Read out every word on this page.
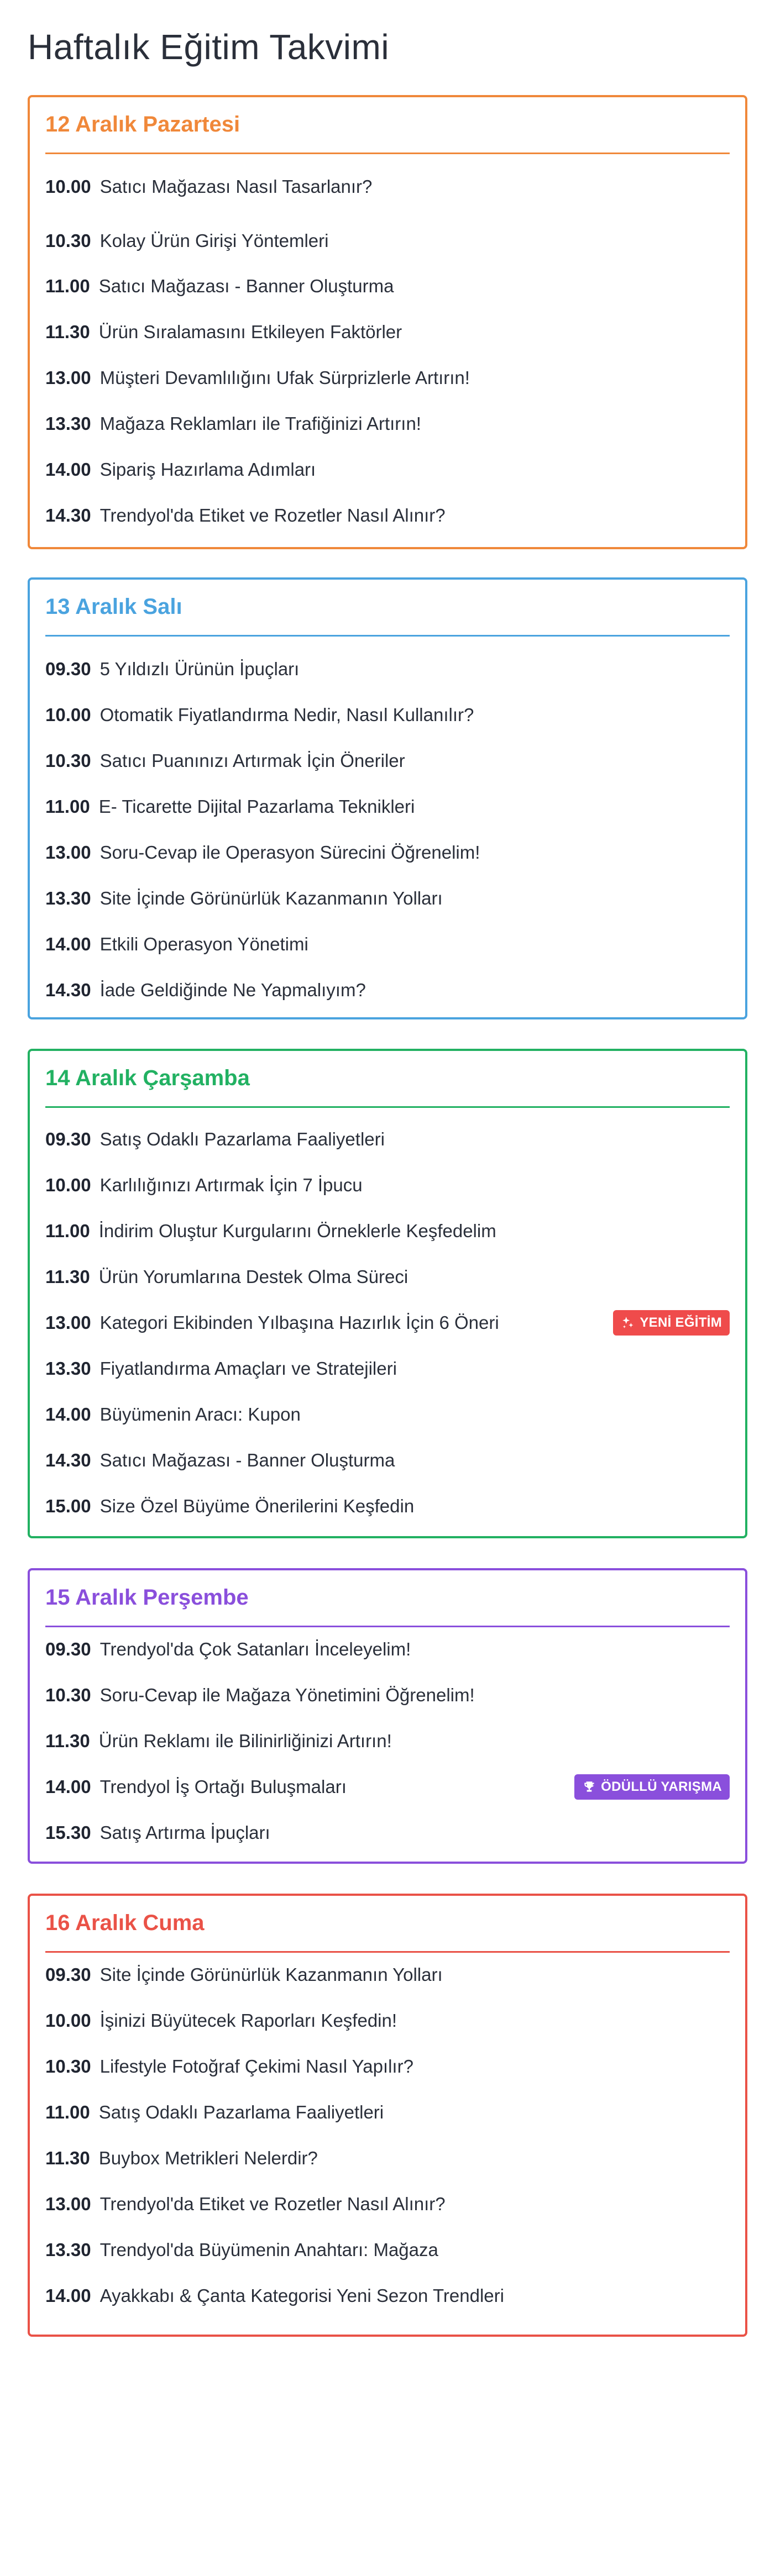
Haftalık Eğitim Takvimi
12 Aralık Pazartesi
10.00 Satıcı Mağazası Nasıl Tasarlanır?
10.30 Kolay Ürün Girişi Yöntemleri
11.00 Satıcı Mağazası - Banner Oluşturma
11.30 Ürün Sıralamasını Etkileyen Faktörler
13.00 Müşteri Devamlılığını Ufak Sürprizlerle Artırın!
13.30 Mağaza Reklamları ile Trafiğinizi Artırın!
14.00 Sipariş Hazırlama Adımları
14.30 Trendyol'da Etiket ve Rozetler Nasıl Alınır?
13 Aralık Salı
09.30 5 Yıldızlı Ürünün İpuçları
10.00 Otomatik Fiyatlandırma Nedir, Nasıl Kullanılır?
10.30 Satıcı Puanınızı Artırmak İçin Öneriler
11.00 E- Ticarette Dijital Pazarlama Teknikleri
13.00 Soru-Cevap ile Operasyon Sürecini Öğrenelim!
13.30 Site İçinde Görünürlük Kazanmanın Yolları
14.00 Etkili Operasyon Yönetimi
14.30 İade Geldiğinde Ne Yapmalıyım?
14 Aralık Çarşamba
09.30 Satış Odaklı Pazarlama Faaliyetleri
10.00 Karlılığınızı Artırmak İçin 7 İpucu
11.00 İndirim Oluştur Kurgularını Örneklerle Keşfedelim
11.30 Ürün Yorumlarına Destek Olma Süreci
13.00 Kategori Ekibinden Yılbaşına Hazırlık İçin 6 Öneri	YENİ EĞİTİM
13.30 Fiyatlandırma Amaçları ve Stratejileri
14.00 Büyümenin Aracı: Kupon
14.30 Satıcı Mağazası - Banner Oluşturma
15.00 Size Özel Büyüme Önerilerini Keşfedin
15 Aralık Perşembe
09.30 Trendyol'da Çok Satanları İnceleyelim!
10.30 Soru-Cevap ile Mağaza Yönetimini Öğrenelim!
11.30 Ürün Reklamı ile Bilinirliğinizi Artırın!
14.00 Trendyol İş Ortağı Buluşmaları	ÖDÜLLÜ YARIŞMA
15.30 Satış Artırma İpuçları
16 Aralık Cuma
09.30 Site İçinde Görünürlük Kazanmanın Yolları
10.00 İşinizi Büyütecek Raporları Keşfedin!
10.30 Lifestyle Fotoğraf Çekimi Nasıl Yapılır?
11.00 Satış Odaklı Pazarlama Faaliyetleri
11.30 Buybox Metrikleri Nelerdir?
13.00 Trendyol'da Etiket ve Rozetler Nasıl Alınır?
13.30 Trendyol'da Büyümenin Anahtarı: Mağaza
14.00 Ayakkabı & Çanta Kategorisi Yeni Sezon Trendleri
